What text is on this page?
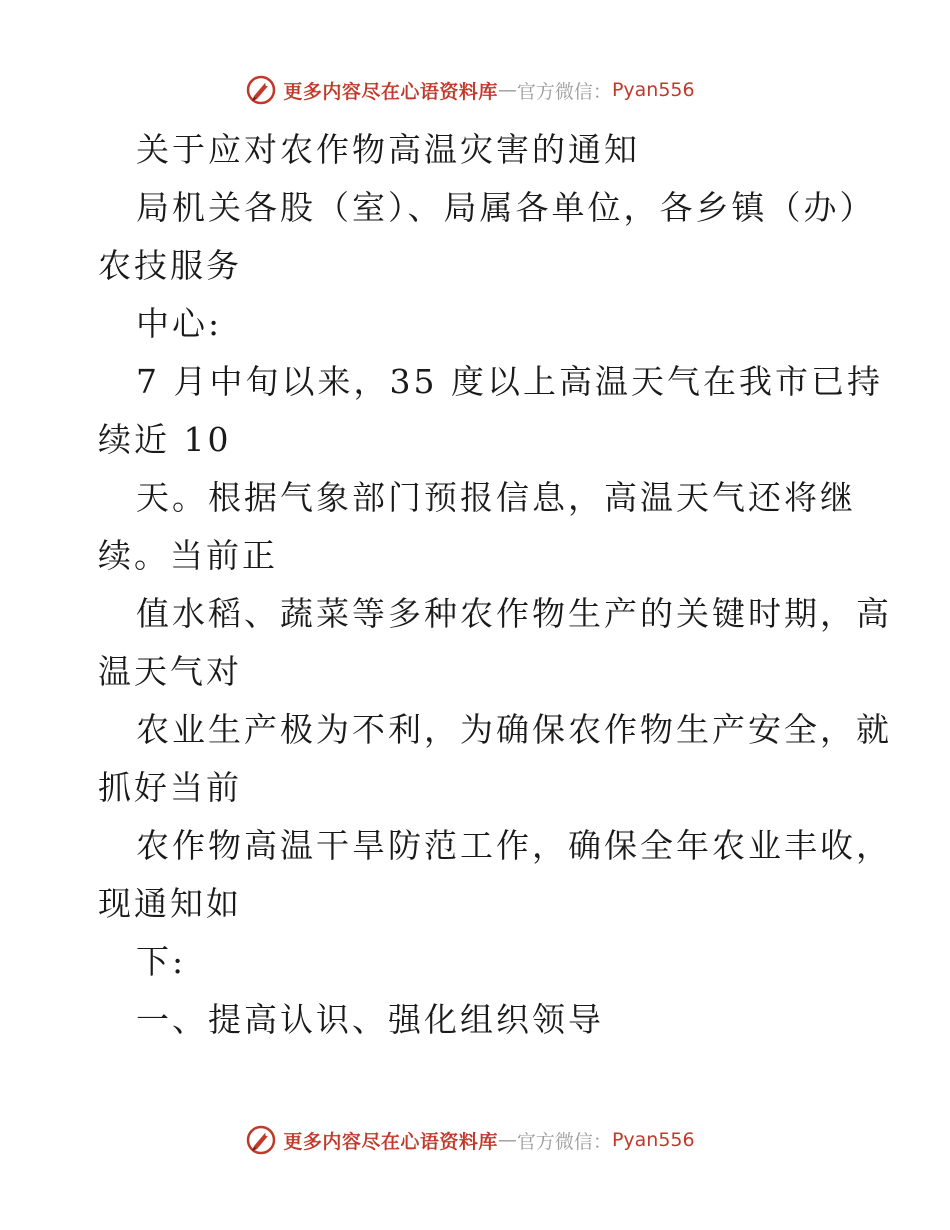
更多内容尽在心语资料库 — 官方微信： Pyan556
关于应对农作物高温灾害的通知
局机关各股（室）、局属各单位，各乡镇（办）
农技服务
中心:
7 月中旬以来，35 度以上高温天气在我市已持
续近 10
天。根据气象部门预报信息，高温天气还将继
续。当前正
值水稻、蔬菜等多种农作物生产的关键时期，高
温天气对
农业生产极为不利，为确保农作物生产安全，就
抓好当前
农作物高温干旱防范工作，确保全年农业丰收，
现通知如
下:
一、提高认识、强化组织领导
更多内容尽在心语资料库 — 官方微信： Pyan556
